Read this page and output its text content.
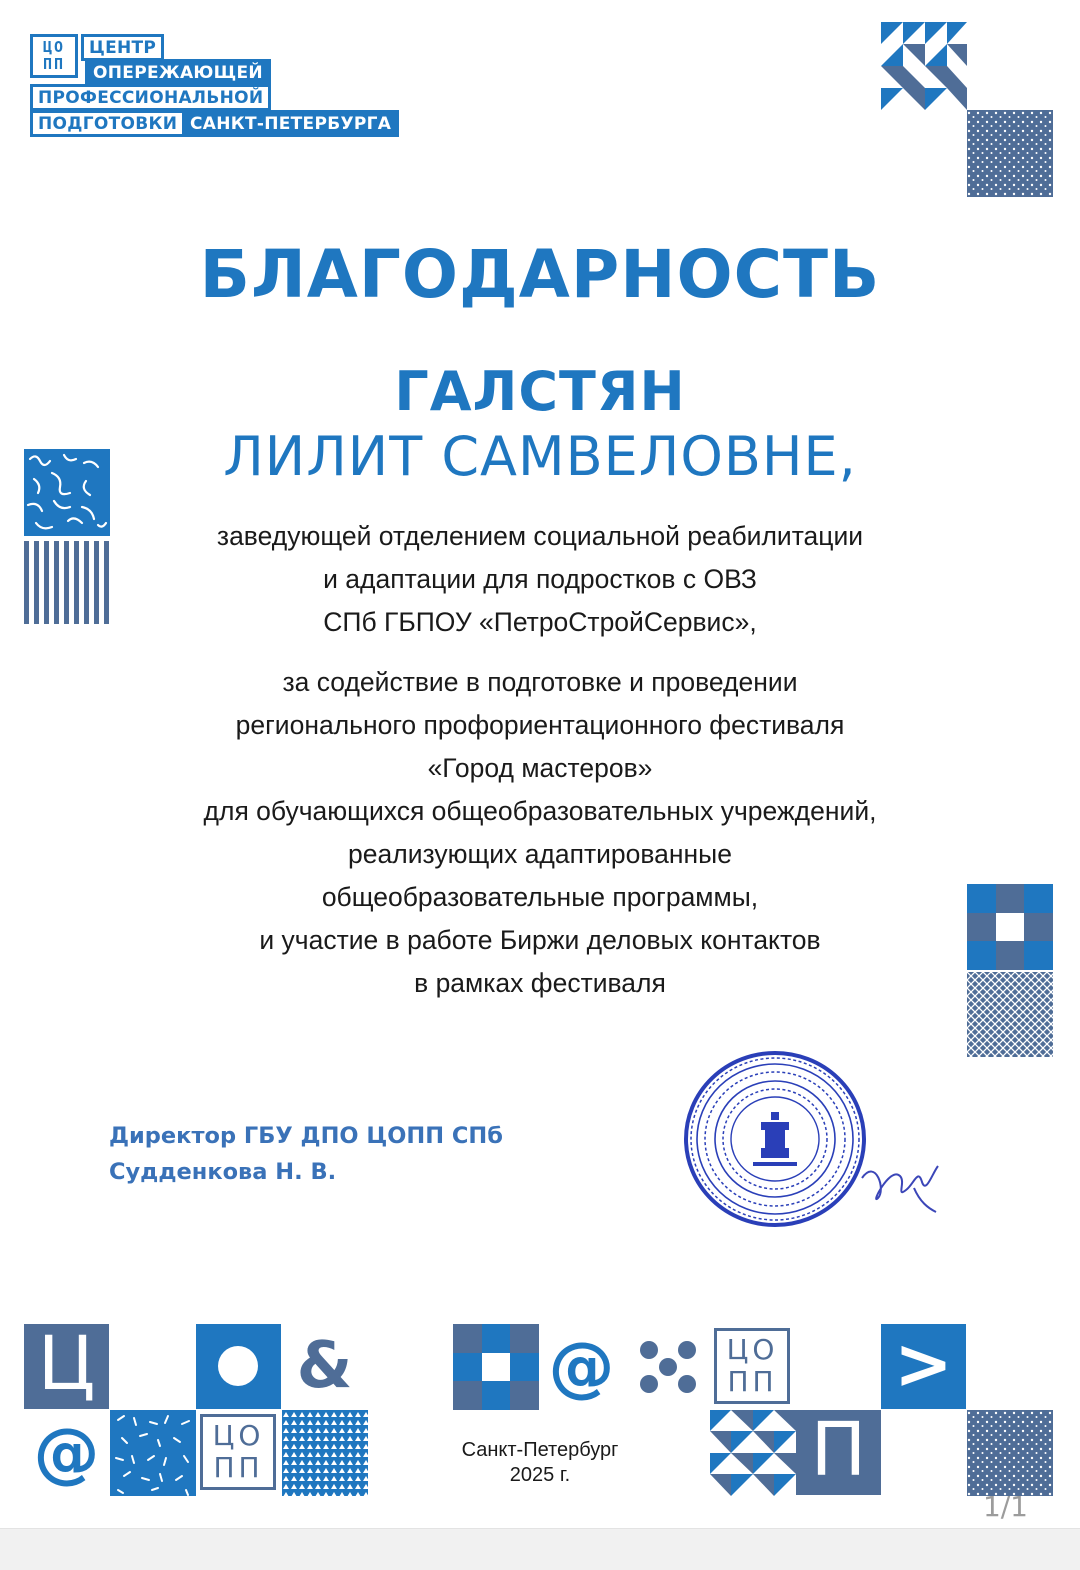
ЦО
ПП
ЦЕНТР
ОПЕРЕЖАЮЩЕЙ
ПРОФЕССИОНАЛЬНОЙ
ПОДГОТОВКИ САНКТ-ПЕТЕРБУРГА
БЛАГОДАРНОСТЬ
ГАЛСТЯН
ЛИЛИТ САМВЕЛОВНЕ,
заведующей отделением социальной реабилитации
и адаптации для подростков с ОВЗ
СПб ГБПОУ «ПетроСтройСервис»,
за содействие в подготовке и проведении
регионального профориентационного фестиваля
«Город мастеров»
для обучающихся общеобразовательных учреждений,
реализующих адаптированные
общеобразовательные программы,
и участие в работе Биржи деловых контактов
в рамках фестиваля
Директор ГБУ ДПО ЦОПП СПб
Судденкова Н. В.
Ц
@	ЦО
ПП
&	@
Санкт-Петербург
2025 г.
ЦО
ПП
П
>
1/1
